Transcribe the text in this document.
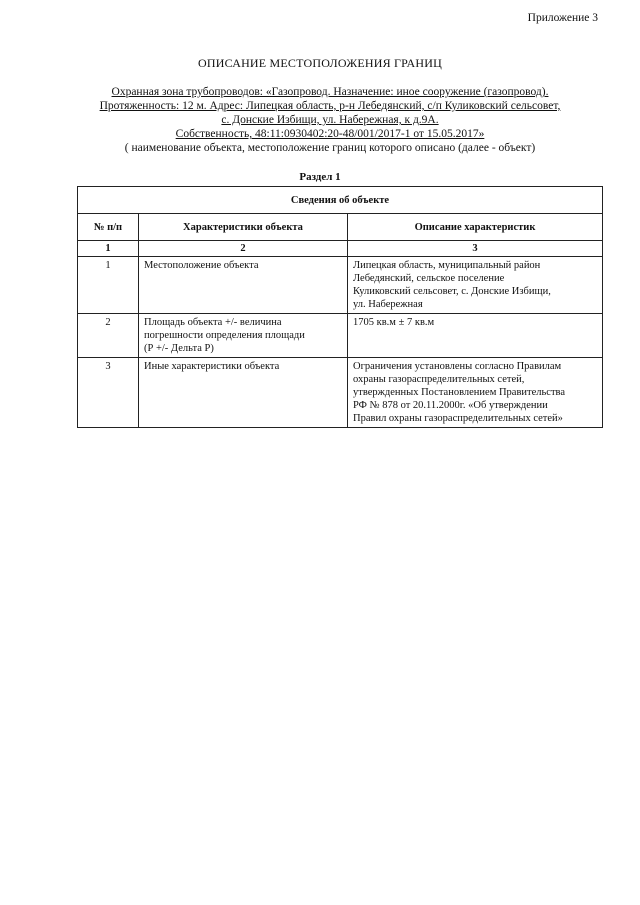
Приложение 3
ОПИСАНИЕ МЕСТОПОЛОЖЕНИЯ ГРАНИЦ
Охранная зона трубопроводов: «Газопровод. Назначение: иное сооружение (газопровод).
Протяженность: 12 м. Адрес: Липецкая область, р-н Лебедянский, с/п Куликовский сельсовет,
с. Донские Избищи, ул. Набережная, к д.9А.
Собственность, 48:11:0930402:20-48/001/2017-1 от 15.05.2017»
( наименование объекта, местоположение границ которого описано (далее - объект)
Раздел 1
Сведения об объекте		
№ п/п	Характеристики объекта	Описание характеристик
1	2	3
1	Местоположение объекта	Липецкая область, муниципальный район
Лебедянский, сельское поселение
Куликовский сельсовет, с. Донские Избищи,
ул. Набережная

2	Площадь объекта +/- величина
погрешности определения площади
(Р +/- Дельта Р)	1705 кв.м ± 7 кв.м

3	Иные характеристики объекта	Ограничения установлены согласно Правилам
охраны газораспределительных сетей,
утвержденных Постановлением Правительства
РФ № 878 от 20.11.2000г. «Об утверждении
Правил охраны газораспределительных сетей»
